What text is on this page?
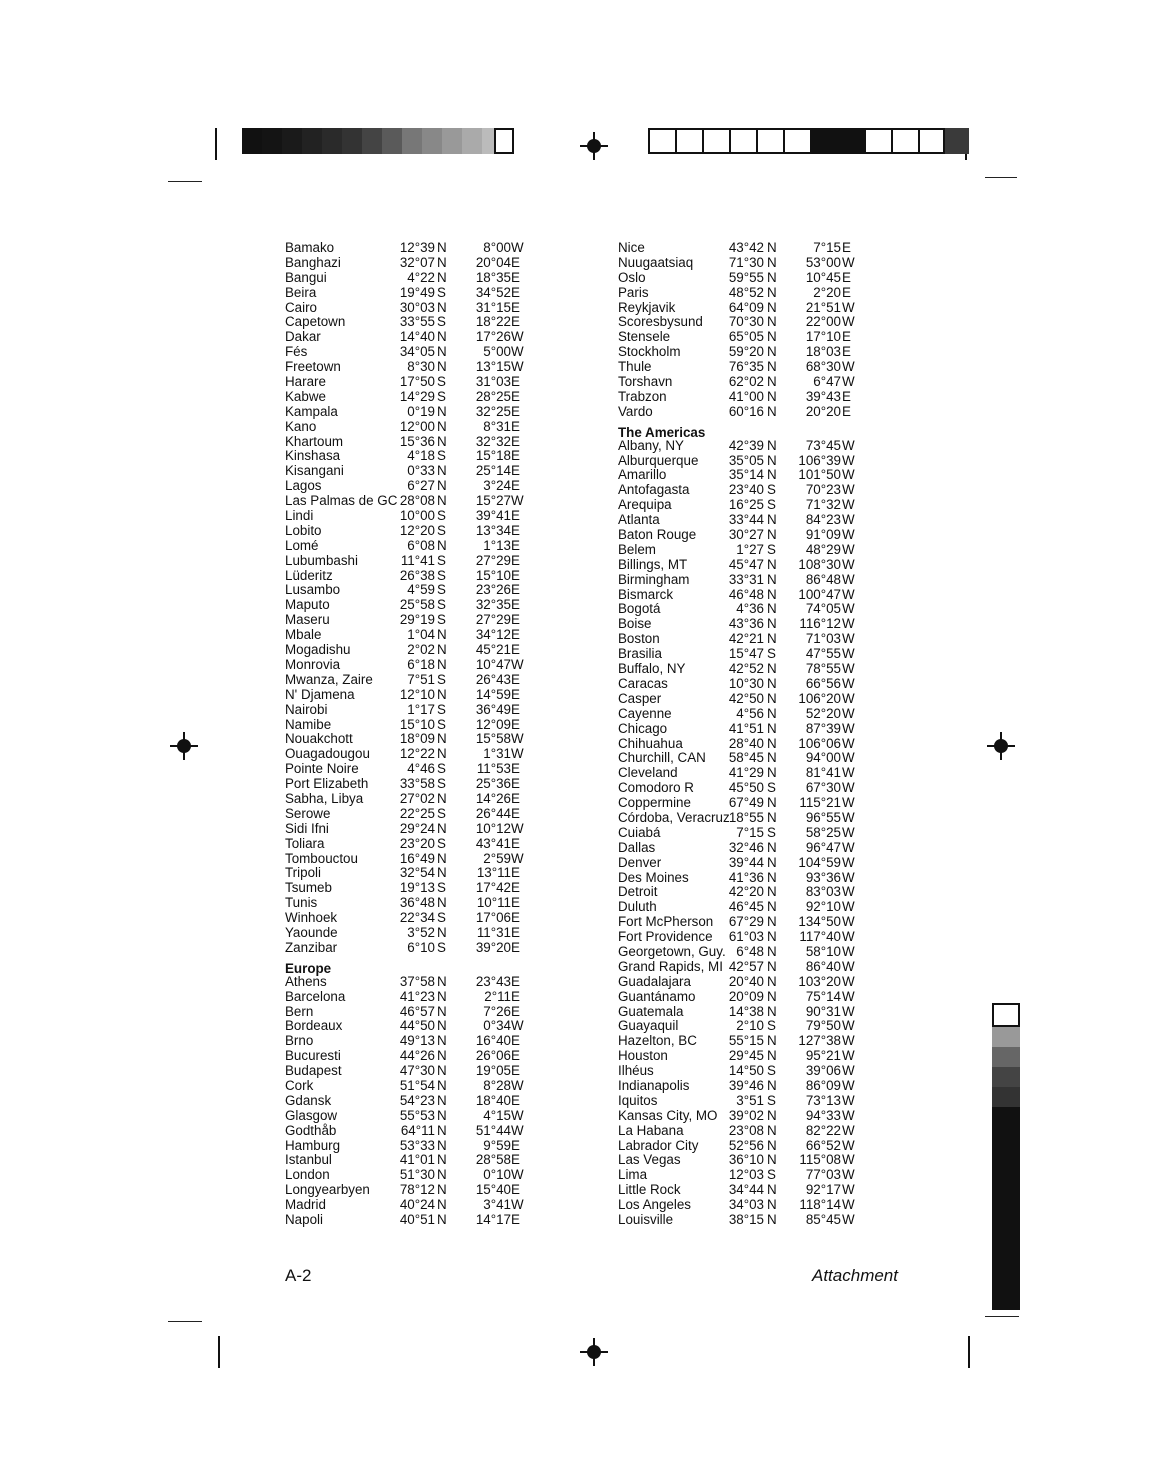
Bamako	12°39 N	8°00 W
Banghazi	32°07 N	20°04 E
Bangui	4°22 N	18°35 E
Beira	19°49 S	34°52 E
Cairo	30°03 N	31°15 E
Capetown	33°55 S	18°22 E
Dakar	14°40 N	17°26 W
Fés	34°05 N	5°00 W
Freetown	8°30 N	13°15 W
Harare	17°50 S	31°03 E
Kabwe	14°29 S	28°25 E
Kampala	0°19 N	32°25 E
Kano	12°00 N	8°31 E
Khartoum	15°36 N	32°32 E
Kinshasa	4°18 S	15°18 E
Kisangani	0°33 N	25°14 E
Lagos	6°27 N	3°24 E
Las Palmas de GC 28°08 N	15°27 W
Lindi	10°00 S	39°41 E
Lobito	12°20 S	13°34 E
Lomé	6°08 N	1°13 E
Lubumbashi	11°41 S	27°29 E
Lüderitz	26°38 S	15°10 E
Lusambo	4°59 S	23°26 E
Maputo	25°58 S	32°35 E
Maseru	29°19 S	27°29 E
Mbale	1°04 N	34°12 E
Mogadishu	2°02 N	45°21 E
Monrovia	6°18 N	10°47 W
Mwanza, Zaire	7°51 S	26°43 E
N' Djamena	12°10 N	14°59 E
Nairobi	1°17 S	36°49 E
Namibe	15°10 S	12°09 E
Nouakchott	18°09 N	15°58 W
Ouagadougou	12°22 N	1°31 W
Pointe Noire	4°46 S	11°53 E
Port Elizabeth	33°58 S	25°36 E
Sabha, Libya	27°02 N	14°26 E
Serowe	22°25 S	26°44 E
Sidi Ifni	29°24 N	10°12 W
Toliara	23°20 S	43°41 E
Tombouctou	16°49 N	2°59 W
Tripoli	32°54 N	13°11 E
Tsumeb	19°13 S	17°42 E
Tunis	36°48 N	10°11 E
Winhoek	22°34 S	17°06 E
Yaounde	3°52 N	11°31 E
Zanzibar	6°10 S	39°20 E
Europe
Athens	37°58 N	23°43 E
Barcelona	41°23 N	2°11 E
Bern	46°57 N	7°26 E
Bordeaux	44°50 N	0°34 W
Brno	49°13 N	16°40 E
Bucuresti	44°26 N	26°06 E
Budapest	47°30 N	19°05 E
Cork	51°54 N	8°28 W
Gdansk	54°23 N	18°40 E
Glasgow	55°53 N	4°15 W
Godthåb	64°11 N	51°44 W
Hamburg	53°33 N	9°59 E
Istanbul	41°01 N	28°58 E
London	51°30 N	0°10 W
Longyearbyen	78°12 N	15°40 E
Madrid	40°24 N	3°41 W
Napoli	40°51 N	14°17 E
Nice	43°42 N	7°15 E
Nuugaatsiaq	71°30 N	53°00 W
Oslo	59°55 N	10°45 E
Paris	48°52 N	2°20 E
Reykjavik	64°09 N	21°51 W
Scoresbysund	70°30 N	22°00 W
Stensele	65°05 N	17°10 E
Stockholm	59°20 N	18°03 E
Thule	76°35 N	68°30 W
Torshavn	62°02 N	6°47 W
Trabzon	41°00 N	39°43 E
Vardo	60°16 N	20°20 E
The Americas
Albany, NY	42°39 N	73°45 W
Alburquerque	35°05 N	106°39 W
Amarillo	35°14 N	101°50 W
Antofagasta	23°40 S	70°23 W
Arequipa	16°25 S	71°32 W
Atlanta	33°44 N	84°23 W
Baton Rouge	30°27 N	91°09 W
Belem	1°27 S	48°29 W
Billings, MT	45°47 N	108°30 W
Birmingham	33°31 N	86°48 W
Bismarck	46°48 N	100°47 W
Bogotá	4°36 N	74°05 W
Boise	43°36 N	116°12 W
Boston	42°21 N	71°03 W
Brasilia	15°47 S	47°55 W
Buffalo, NY	42°52 N	78°55 W
Caracas	10°30 N	66°56 W
Casper	42°50 N	106°20 W
Cayenne	4°56 N	52°20 W
Chicago	41°51 N	87°39 W
Chihuahua	28°40 N	106°06 W
Churchill, CAN	58°45 N	94°00 W
Cleveland	41°29 N	81°41 W
Comodoro R	45°50 S	67°30 W
Coppermine	67°49 N	115°21 W
Córdoba, Veracruz 18°55 N	96°55 W
Cuiabá	7°15 S	58°25 W
Dallas	32°46 N	96°47 W
Denver	39°44 N	104°59 W
Des Moines	41°36 N	93°36 W
Detroit	42°20 N	83°03 W
Duluth	46°45 N	92°10 W
Fort McPherson	67°29 N	134°50 W
Fort Providence	61°03 N	117°40 W
Georgetown, Guy. 6°48 N	58°10 W
Grand Rapids, MI 42°57 N	86°40 W
Guadalajara	20°40 N	103°20 W
Guantánamo	20°09 N	75°14 W
Guatemala	14°38 N	90°31 W
Guayaquil	2°10 S	79°50 W
Hazelton, BC	55°15 N	127°38 W
Houston	29°45 N	95°21 W
Ilhéus	14°50 S	39°06 W
Indianapolis	39°46 N	86°09 W
Iquitos	3°51 S	73°13 W
Kansas City, MO 39°02 N	94°33 W
La Habana	23°08 N	82°22 W
Labrador City	52°56 N	66°52 W
Las Vegas	36°10 N	115°08 W
Lima	12°03 S	77°03 W
Little Rock	34°44 N	92°17 W
Los Angeles	34°03 N	118°14 W
Louisville	38°15 N	85°45 W
A-2	Attachment
